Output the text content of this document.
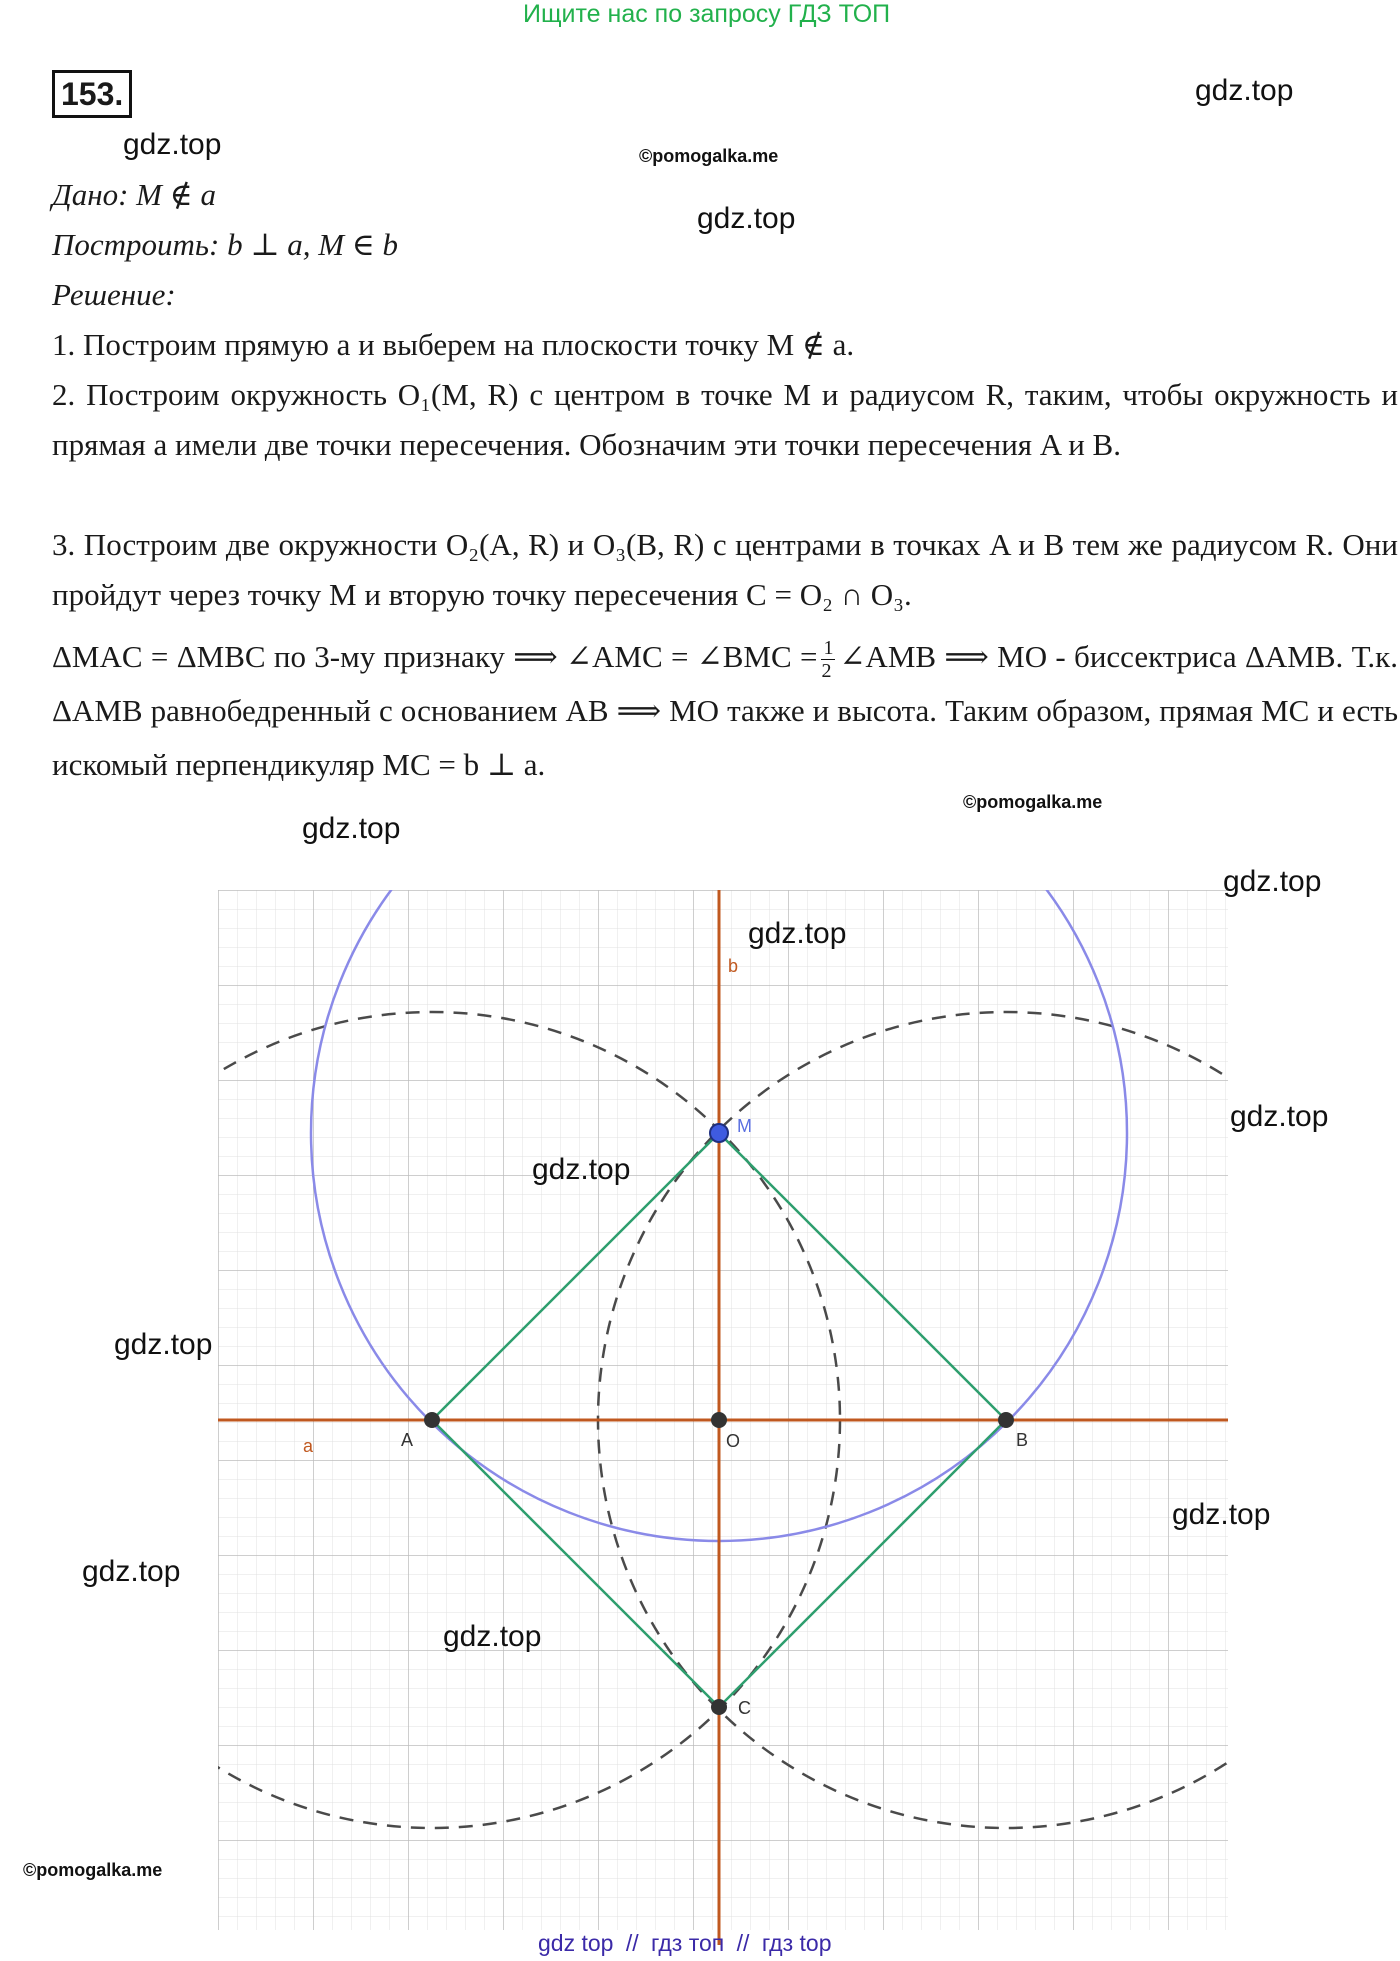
Ищите нас по запросу ГДЗ ТОП
153.	gdz.top
gdz.top
gdz.top
©pomogalka.me
Дано: M ∉ a
Построить: b ⊥ a, M ∈ b
Решение:
1. Построим прямую a и выберем на плоскости точку M ∉ a.
2. Построим окружность O₁(M, R) с центром в точке M и радиусом R, таким, чтобы окружность и прямая a имели две точки пересечения. Обозначим эти точки пересечения A и B.
3. Построим две окружности O₂(A, R) и O₃(B, R) с центрами в точках A и B тем же радиусом R. Они пройдут через точку M и вторую точку пересечения C = O₂ ∩ O₃.
ΔMAC = ΔMBC по 3-му признаку ⟹ ∠AMC = ∠BMC = $\frac{1}{2}$ ∠AMB ⟹ MO - биссектриса ΔAMB. Т.к. ΔAMB равнобедренный с основанием AB ⟹ MO также и высота. Таким образом, прямая MC и есть искомый перпендикуляр MC = b ⊥ a.
©pomogalka.me
gdz.top
M
A	B
O
C
a
b
gdz.top
gdz.top
gdz.top
gdz.top
gdz.top
gdz.top
gdz.top
gdz.top
©pomogalka.me
gdz top // гдз топ // гдз top
